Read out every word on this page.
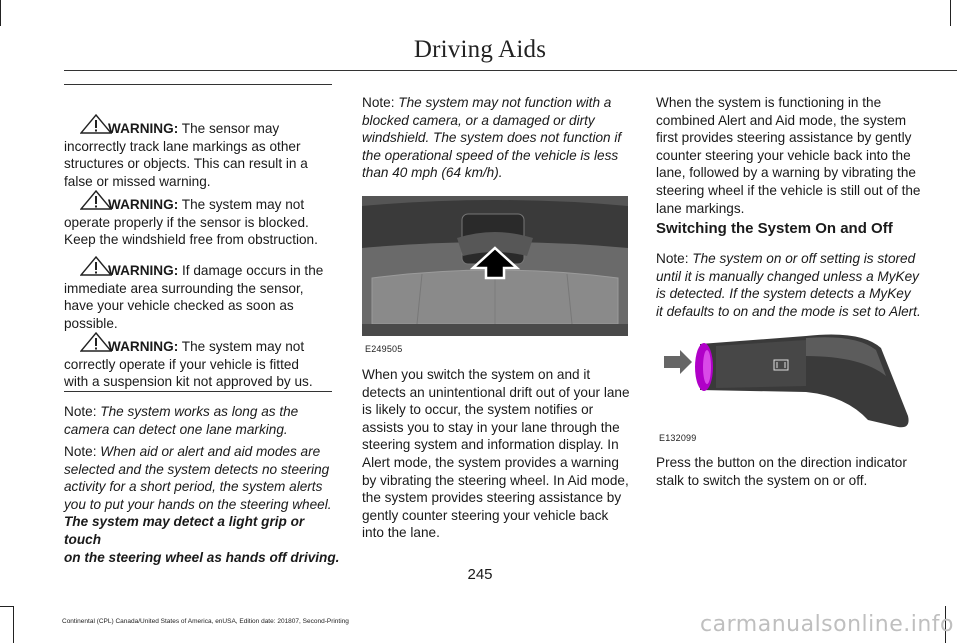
Driving Aids
WARNING: The sensor may
incorrectly track lane markings as other
structures or objects. This can result in a
false or missed warning.
WARNING: The system may not
operate properly if the sensor is blocked.
Keep the windshield free from obstruction.
WARNING: If damage occurs in the
immediate area surrounding the sensor,
have your vehicle checked as soon as
possible.
WARNING: The system may not
correctly operate if your vehicle is fitted
with a suspension kit not approved by us.
Note: The system works as long as the
camera can detect one lane marking.
Note: When aid or alert and aid modes are
selected and the system detects no steering
activity for a short period, the system alerts
you to put your hands on the steering wheel.
The system may detect a light grip or touch
on the steering wheel as hands off driving.
Note: The system may not function with a
blocked camera, or a damaged or dirty
windshield. The system does not function if
the operational speed of the vehicle is less
than 40 mph (64 km/h).
E249505
When you switch the system on and it
detects an unintentional drift out of your lane
is likely to occur, the system notifies or
assists you to stay in your lane through the
steering system and information display. In
Alert mode, the system provides a warning
by vibrating the steering wheel. In Aid mode,
the system provides steering assistance by
gently counter steering your vehicle back
into the lane.
When the system is functioning in the
combined Alert and Aid mode, the system
first provides steering assistance by gently
counter steering your vehicle back into the
lane, followed by a warning by vibrating the
steering wheel if the vehicle is still out of the
lane markings.
Switching the System On and Off
Note: The system on or off setting is stored
until it is manually changed unless a MyKey
is detected. If the system detects a MyKey
it defaults to on and the mode is set to Alert.
E132099
Press the button on the direction indicator
stalk to switch the system on or off.
245
Continental (CPL) Canada/United States of America, enUSA, Edition date: 201807, Second-Printing	carmanualsonline.info
